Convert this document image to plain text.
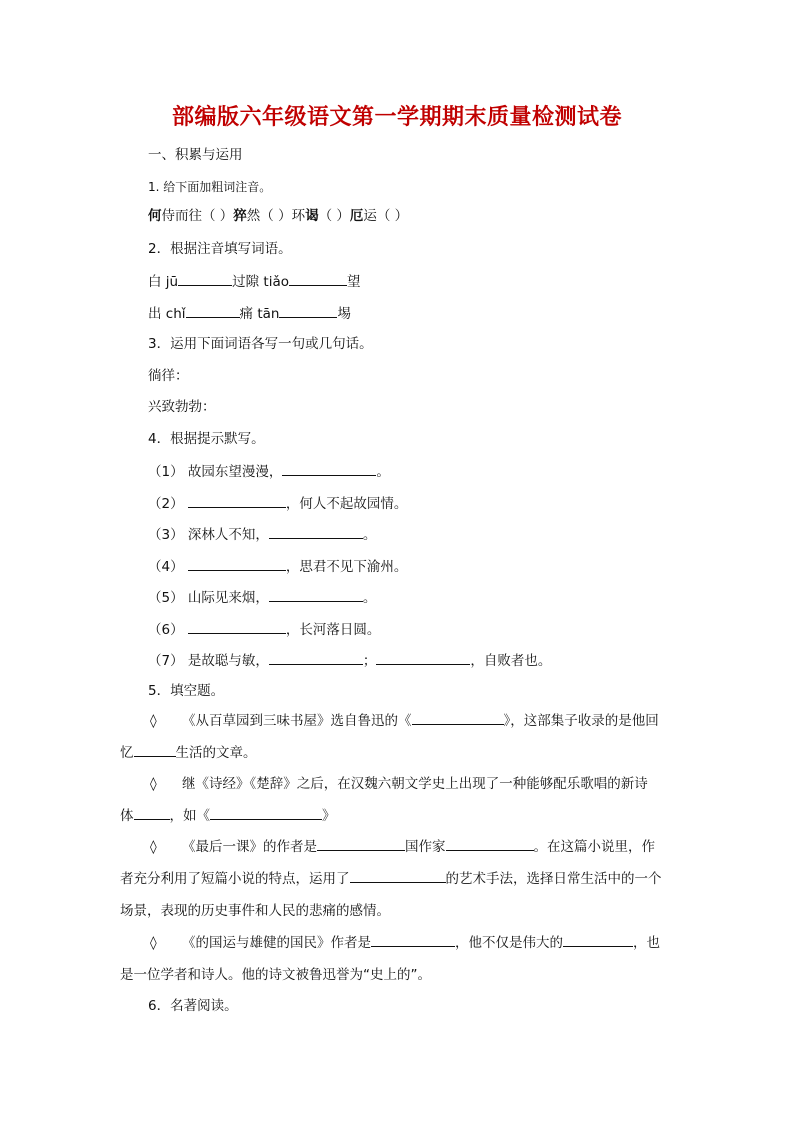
部编版六年级语文第一学期期末质量检测试卷
一、积累与运用
1. 给下面加粗词注音。
何侍而往（ ）猝然（ ）环谒（ ）厄运（ ）
2．根据注音填写词语。
白 jū	过隙 tiǎo	望
出 chǐ	痛 tān	埸
3．运用下面词语各写一句或几句话。
徜徉：
兴致勃勃：
4．根据提示默写。
（1） 故园东望漫漫，	。
（2）	，何人不起故园情。
（3） 深林人不知，	。
（4）	，思君不见下渝州。
（5） 山际见来烟，	。
（6）	，长河落日圆。
（7） 是故聪与敏，	；	，自败者也。
5．填空题。
◊ 《从百草园到三味书屋》选自鲁迅的《	》，这部集子收录的是他回
忆	生活的文章。
◊ 继《诗经》《楚辞》之后，在汉魏六朝文学史上出现了一种能够配乐歌唱的新诗
体	，如《	》
◊ 《最后一课》的作者是	国作家	。在这篇小说里，作
者充分利用了短篇小说的特点，运用了	的艺术手法，选择日常生活中的一个
场景，表现的历史事件和人民的悲痛的感情。
◊ 《的国运与雄健的国民》作者是	，他不仅是伟大的	，也
是一位学者和诗人。他的诗文被鲁迅誉为“史上的”。
6．名著阅读。
